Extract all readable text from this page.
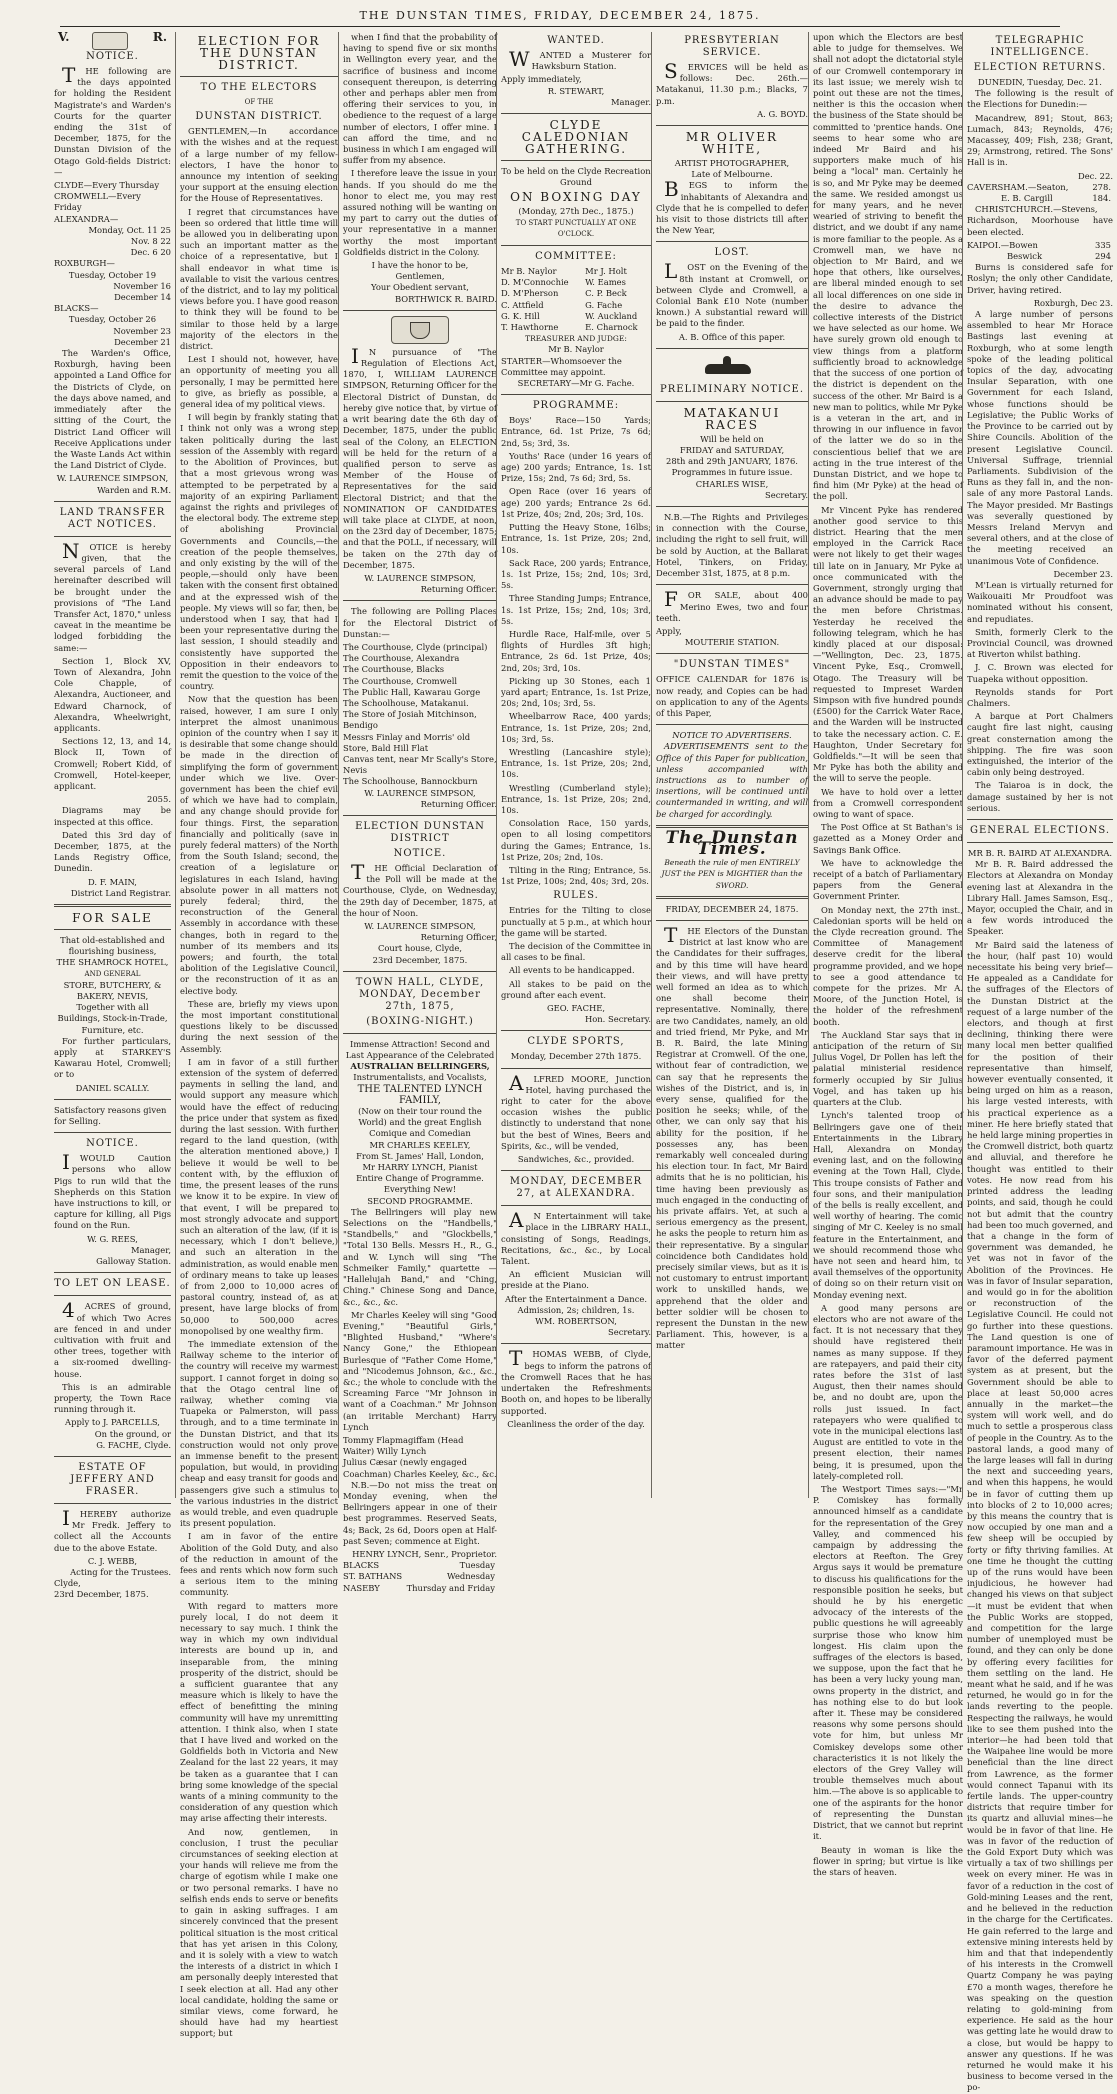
THE DUNSTAN TIMES, FRIDAY, DECEMBER 24, 1875.
V.	R.
NOTICE.

THE following are the days appointed for holding the Resident Magistrate's and Warden's Courts for the quarter ending the 31st of December, 1875, for the Dunstan Division of the Otago Gold-fields District:—

CLYDE—Every Thursday
CROMWELL—Every Friday
ALEXANDRA—
Monday, Oct. 11 25
Nov. 8 22
Dec. 6 20
ROXBURGH—
Tuesday, October 19
November 16
December 14
BLACKS—
Tuesday, October 26
November 23
December 21

The Warden's Office, Roxburgh, having been appointed a Land Office for the Districts of Clyde, on the days above named, and immediately after the sitting of the Court, the District Land Officer will Receive Applications under the Waste Lands Act within the Land District of Clyde.

W. LAURENCE SIMPSON,
Warden and R.M.
LAND TRANSFER ACT NOTICES.

NOTICE is hereby given, that the several parcels of Land hereinafter described will be brought under the provisions of "The Land Transfer Act, 1870," unless caveat in the meantime be lodged forbidding the same:—

Section 1, Block XV, Town of Alexandra, John Cole Chapple, of Alexandra, Auctioneer, and Edward Charnock, of Alexandra, Wheelwright, applicants.

Sections 12, 13, and 14, Block II, Town of Cromwell; Robert Kidd, of Cromwell, Hotel-keeper, applicant.

2055.

Diagrams may be inspected at this office.

Dated this 3rd day of December, 1875, at the Lands Registry Office, Dunedin.

D. F. MAIN,
District Land Registrar.
FOR SALE
That old-established and flourishing business,
THE SHAMROCK HOTEL,
AND GENERAL
STORE, BUTCHERY, & BAKERY, NEVIS,
Together with all Buildings, Stock-in-Trade, Furniture, etc.

For further particulars, apply at STARKEY'S Kawarau Hotel, Cromwell; or to

DANIEL SCALLY.
Satisfactory reasons given for Selling.
NOTICE.

IWOULD Caution persons who allow Pigs to run wild that the Shepherds on this Station have instructions to kill, or capture for killing, all Pigs found on the Run.

W. G. REES,
Manager,
Galloway Station.
TO LET ON LEASE.

4ACRES of ground, of which Two Acres are fenced in and under cultivation with fruit and other trees, together with a six-roomed dwelling-house.

This is an admirable property, the Town Race running through it.

Apply to J. PARCELLS,
On the ground, or
G. FACHE, Clyde.
ESTATE OF JEFFERY AND FRASER.

IHEREBY authorize Mr Fredk. Jeffery to collect all the Accounts due to the above Estate.

C. J. WEBB,
Acting for the Trustees.
Clyde,
23rd December, 1875.
ELECTION FOR THE DUNSTAN DISTRICT.
TO THE ELECTORS
OF THE
DUNSTAN DISTRICT.

GENTLEMEN,—In accordance with the wishes and at the request of a large number of my fellow-electors, I have the honor to announce my intention of seeking your support at the ensuing election for the House of Representatives.

I regret that circumstances have been so ordered that little time will be allowed you in deliberating upon such an important matter as the choice of a representative, but I shall endeavor in what time is available to visit the various centres of the district, and to lay my political views before you. I have good reason to think they will be found to be similar to those held by a large majority of the electors in the district.

Lest I should not, however, have an opportunity of meeting you all personally, I may be permitted here to give, as briefly as possible, a general idea of my political views.

I will begin by frankly stating that I think not only was a wrong step taken politically during the last session of the Assembly with regard to the Abolition of Provinces, but that a most grievous wrong was attempted to be perpetrated by a majority of an expiring Parliament against the rights and privileges of the electoral body. The extreme step of abolishing Provincial Governments and Councils,—the creation of the people themselves, and only existing by the will of the people,—should only have been taken with the consent first obtained and at the expressed wish of the people. My views will so far, then, be understood when I say, that had I been your representative during the last session, I should steadily and consistently have supported the Opposition in their endeavors to remit the question to the voice of the country.

Now that the question has been raised, however, I am sure I only interpret the almost unanimous opinion of the country when I say it is desirable that some change should be made in the direction of simplifying the form of government under which we live. Over-government has been the chief evil of which we have had to complain, and any change should provide for four things. First, the separation financially and politically (save in purely federal matters) of the North from the South Island; second, the creation of a legislature or legislatures in each Island, having absolute power in all matters not purely federal; third, the reconstruction of the General Assembly in accordance with these changes, both in regard to the number of its members and its powers; and fourth, the total abolition of the Legislative Council, or the reconstruction of it as an elective body.

These are, briefly my views upon the most important constitutional questions likely to be discussed during the next session of the Assembly.

I am in favor of a still further extension of the system of deferred payments in selling the land, and would support any measure which would have the effect of reducing the price under that system as fixed during the last session. With further regard to the land question, (with the alteration mentioned above,) I believe it would be well to be content with, by the effluxion of time, the present leases of the runs we know it to be expire. In view of that event, I will be prepared to most strongly advocate and support such an alteration of the law, (if it is necessary, which I don't believe,) and such an alteration in the administration, as would enable men of ordinary means to take up leases of from 2,000 to 10,000 acres of pastoral country, instead of, as at present, have large blocks of from 50,000 to 500,000 acres monopolised by one wealthy firm.

The immediate extension of the Railway scheme to the interior of the country will receive my warmest support. I cannot forget in doing so that the Otago central line of railway, whether coming via Tuapeka or Palmerston, will pass through, and to a time terminate in the Dunstan District, and that its construction would not only prove an immense benefit to the present population, but would, in providing cheap and easy transit for goods and passengers give such a stimulus to the various industries in the district as would treble, and even quadruple its present population.

I am in favor of the entire Abolition of the Gold Duty, and also of the reduction in amount of the fees and rents which now form such a serious item to the mining community.

With regard to matters more purely local, I do not deem it necessary to say much. I think the way in which my own individual interests are bound up in, and inseparable from, the mining prosperity of the district, should be a sufficient guarantee that any measure which is likely to have the effect of benefitting the mining community will have my unremitting attention. I think also, when I state that I have lived and worked on the Goldfields both in Victoria and New Zealand for the last 22 years, it may be taken as a guarantee that I can bring some knowledge of the special wants of a mining community to the consideration of any question which may arise affecting their interests.

And now, gentlemen, in conclusion, I trust the peculiar circumstances of seeking election at your hands will relieve me from the charge of egotism while I make one or two personal remarks. I have no selfish ends ends to serve or benefits to gain in asking suffrages. I am sincerely convinced that the present political situation is the most critical that has yet arisen in this Colony, and it is solely with a view to watch the interests of a district in which I am personally deeply interested that I seek election at all. Had any other local candidate, holding the same or similar views, come forward, he should have had my heartiest support; but

when I find that the probability of having to spend five or six months in Wellington every year, and the sacrifice of business and income consequent thereupon, is deterring other and perhaps abler men from offering their services to you, in obedience to the request of a large number of electors, I offer mine. I can afford the time, and no business in which I am engaged will suffer from my absence.

I therefore leave the issue in your hands. If you should do me the honor to elect me, you may rest assured nothing will be wanting on my part to carry out the duties of your representative in a manner worthy the most important Goldfields district in the Colony.

I have the honor to be,
Gentlemen,
Your Obedient servant,
BORTHWICK R. BAIRD.

IN pursuance of "The Regulation of Elections Act, 1870, I, WILLIAM LAURENCE SIMPSON, Returning Officer for the Electoral District of Dunstan, do hereby give notice that, by virtue of a writ bearing date the 6th day of December, 1875, under the public seal of the Colony, an ELECTION will be held for the return of a qualified person to serve as Member of the House of Representatives for the said Electoral District; and that the NOMINATION OF CANDIDATES will take place at CLYDE, at noon, on the 23rd day of December, 1875; and that the POLL, if necessary, will be taken on the 27th day of December, 1875.

W. LAURENCE SIMPSON,
Returning Officer.

The following are Polling Places for the Electoral District of Dunstan:—

The Courthouse, Clyde (principal)
The Courthouse, Alexandra
The Courthouse, Blacks
The Courthouse, Cromwell
The Public Hall, Kawarau Gorge
The Schoolhouse, Matakanui.
The Store of Josiah Mitchinson, Bendigo
Messrs Finlay and Morris' old Store, Bald Hill Flat
Canvas tent, near Mr Scally's Store, Nevis
The Schoolhouse, Bannockburn
W. LAURENCE SIMPSON,
Returning Officer.
ELECTION DUNSTAN DISTRICT
NOTICE.

THE Official Declaration of the Poll will be made at the Courthouse, Clyde, on Wednesday, the 29th day of December, 1875, at the hour of Noon.

W. LAURENCE SIMPSON,
Returning Officer,
Court house, Clyde,
23rd December, 1875.
TOWN HALL, CLYDE, MONDAY, December 27th, 1875,
(BOXING-NIGHT.)
Immense Attraction! Second and Last Appearance of the Celebrated
AUSTRALIAN BELLRINGERS,
Instrumentalists, and Vocalists,
THE TALENTED LYNCH FAMILY,
(Now on their tour round the World) and the great English Comique and Comedian
MR CHARLES KEELEY,
From St. James' Hall, London,
Mr HARRY LYNCH, Pianist
Entire Change of Programme. Everything New!
SECOND PROGRAMME.

The Bellringers will play new Selections on the "Handbells," "Standbells," and "Glockbells," "Total 130 Bells. Messrs H., R., G., and W. Lynch will sing "The Schmeiker Family," quartette — "Hallelujah Band," and "Ching, Ching." Chinese Song and Dance, &c., &c., &c.

Mr Charles Keeley will sing "Good Evening," "Beautiful Girls," "Blighted Husband," "Where's Nancy Gone," the Ethiopean Burlesque of "Father Come Home," and "Nicodemus Johnson, &c., &c., &c.; the whole to conclude with the Screaming Farce "Mr Johnson in want of a Coachman." Mr Johnson (an irritable Merchant) Harry Lynch

Tommy Flapmagiffam (Head Waiter) Willy Lynch
Julius Cæsar (newly engaged Coachman) Charles Keeley, &c., &c.

N.B.—Do not miss the treat on Monday evening, when the Bellringers appear in one of their best programmes. Reserved Seats, 4s; Back, 2s 6d, Doors open at Half-past Seven; commence at Eight.

HENRY LYNCH, Senr., Proprietor.
BLACKS	Tuesday
ST. BATHANS	Wednesday
NASEBY	Thursday and Friday
WANTED.

WANTED a Musterer for Hawksburn Station.

Apply immediately,
R. STEWART,
Manager.
CLYDE CALEDONIAN GATHERING.
To be held on the Clyde Recreation Ground
ON BOXING DAY
(Monday, 27th Dec., 1875.)
TO START PUNCTUALLY AT ONE O'CLOCK.
COMMITTEE:
Mr B. Naylor	Mr J. Holt
D. M'Connochie	W. Eames
D. M'Pherson	C. P. Beck
C. Attfield	G. Fache
G. K. Hill	W. Auckland
T. Hawthorne	E. Charnock
TREASURER AND JUDGE:
Mr B. Naylor
STARTER—Whomsoever the Committee may appoint.
SECRETARY—Mr G. Fache.
PROGRAMME:

Boys' Race—150 Yards; Entrance, 6d. 1st Prize, 7s 6d; 2nd, 5s; 3rd, 3s.

Youths' Race (under 16 years of age) 200 yards; Entrance, 1s. 1st Prize, 15s; 2nd, 7s 6d; 3rd, 5s.

Open Race (over 16 years of age) 200 yards; Entrance 2s 6d. 1st Prize, 40s; 2nd, 20s; 3rd, 10s.

Putting the Heavy Stone, 16lbs; Entrance, 1s. 1st Prize, 20s; 2nd, 10s.

Sack Race, 200 yards; Entrance, 1s. 1st Prize, 15s; 2nd, 10s; 3rd, 5s.

Three Standing Jumps; Entrance, 1s. 1st Prize, 15s; 2nd, 10s; 3rd, 5s.

Hurdle Race, Half-mile, over 5 flights of Hurdles 3ft high; Entrance, 2s 6d. 1st Prize, 40s; 2nd, 20s; 3rd, 10s.

Picking up 30 Stones, each 1 yard apart; Entrance, 1s. 1st Prize, 20s; 2nd, 10s; 3rd, 5s.

Wheelbarrow Race, 400 yards; Entrance, 1s. 1st Prize, 20s; 2nd, 10s; 3rd, 5s.

Wrestling (Lancashire style); Entrance, 1s. 1st Prize, 20s; 2nd, 10s.

Wrestling (Cumberland style); Entrance, 1s. 1st Prize, 20s; 2nd, 10s.

Consolation Race, 150 yards, open to all losing competitors during the Games; Entrance, 1s. 1st Prize, 20s; 2nd, 10s.

Tilting in the Ring; Entrance, 5s. 1st Prize, 100s; 2nd, 40s; 3rd, 20s.

RULES.

Entries for the Tilting to close punctually at 5 p.m., at which hour the game will be started.

The decision of the Committee in all cases to be final.

All events to be handicapped.

All stakes to be paid on the ground after each event.

GEO. FACHE,
Hon. Secretary.
CLYDE SPORTS,
Monday, December 27th 1875.

ALFRED MOORE, Junction Hotel, having purchased the right to cater for the above occasion wishes the public distinctly to understand that none but the best of Wines, Beers and Spirits, &c., will be vended,

Sandwiches, &c., provided.
MONDAY, DECEMBER 27, at ALEXANDRA.

AN Entertainment will take place in the LIBRARY HALL, consisting of Songs, Readings, Recitations, &c., &c., by Local Talent.

An efficient Musician will preside at the Piano.

After the Entertainment a Dance.
Admission, 2s; children, 1s.
WM. ROBERTSON,
Secretary.

THOMAS WEBB, of Clyde, begs to inform the patrons of the Cromwell Races that he has undertaken the Refreshments Booth on, and hopes to be liberally supported.

Cleanliness the order of the day.
PRESBYTERIAN SERVICE.

SERVICES will be held as follows: Dec. 26th.—Matakanui, 11.30 p.m.; Blacks, 7 p.m.

A. G. BOYD.
MR OLIVER WHITE,
ARTIST PHOTOGRAPHER,
Late of Melbourne.

BEGS to inform the inhabitants of Alexandra and Clyde that he is compelled to defer his visit to those districts till after the New Year,

LOST.

LOST on the Evening of the 8th instant at Cromwell, or between Clyde and Cromwell, a Colonial Bank £10 Note (number known.) A substantial reward will be paid to the finder.

A. B. Office of this paper.
PRELIMINARY NOTICE.
MATAKANUI RACES
Will be held on
FRIDAY and SATURDAY,
28th and 29th JANUARY, 1876.
Programmes in future issue.
CHARLES WISE,
Secretary.

N.B.—The Rights and Privileges in connection with the Course, including the right to sell fruit, will be sold by Auction, at the Ballarat Hotel, Tinkers, on Friday, December 31st, 1875, at 8 p.m.

FOR SALE, about 400 Merino Ewes, two and four teeth.

Apply,
MOUTERIE STATION.
"DUNSTAN TIMES"

OFFICE CALENDAR for 1876 is now ready, and Copies can be had on application to any of the Agents of this Paper,

NOTICE TO ADVERTISERS.

ADVERTISEMENTS sent to the Office of this Paper for publication, unless accompanied with instructions as to number of insertions, will be continued until countermanded in writing, and will be charged for accordingly.

The Dunstan Times.
Beneath the rule of men ENTIRELY JUST the PEN is MIGHTIER than the SWORD.
FRIDAY, DECEMBER 24, 1875.

THE Electors of the Dunstan District at last know who are the Candidates for their suffrages, and by this time will have heard their views, and will have pretty well formed an idea as to which one shall become their representative. Nominally, there are two Candidates, namely, an old and tried friend, Mr Pyke, and Mr B. R. Baird, the late Mining Registrar at Cromwell. Of the one, without fear of contradiction, we can say that he represents the wishes of the District, and is, in every sense, qualified for the position he seeks; while, of the other, we can only say that his ability for the position, if he possesses any, has been remarkably well concealed during his election tour. In fact, Mr Baird admits that he is no politician, his time having been previously as much engaged in the conducting of his private affairs. Yet, at such a serious emergency as the present, he asks the people to return him as their representative. By a singular coincidence both Candidates hold precisely similar views, but as it is not customary to entrust important work to unskilled hands, we apprehend that the older and better soldier will be chosen to represent the Dunstan in the new Parliament. This, however, is a matter

upon which the Electors are best able to judge for themselves. We shall not adopt the dictatorial style of our Cromwell contemporary in its last issue; we merely wish to point out these are not the times, neither is this the occasion when the business of the State should be committed to 'prentice hands. One seems to hear some who are indeed Mr Baird and his supporters make much of his being a "local" man. Certainly he is so, and Mr Pyke may be deemed the same. We resided amongst us for many years, and he never wearied of striving to benefit the district, and we doubt if any name is more familiar to the people. As a Cromwell man, we have no objection to Mr Baird, and we hope that others, like ourselves, are liberal minded enough to set all local differences on one side in the desire to advance the collective interests of the District we have selected as our home. We have surely grown old enough to view things from a platform sufficiently broad to acknowledge that the success of one portion of the district is dependent on the success of the other. Mr Baird is a new man to politics, while Mr Pyke is a veteran in the art, and in throwing in our influence in favor of the latter we do so in the conscientious belief that we are acting in the true interest of the Dunstan District, and we hope to find him (Mr Pyke) at the head of the poll.

Mr Vincent Pyke has rendered another good service to this district. Hearing that the men employed in the Carrick Race were not likely to get their wages till late on in January, Mr Pyke at once communicated with the Government, strongly urging that an advance should be made to pay the men before Christmas. Yesterday he received the following telegram, which he has kindly placed at our disposal:—"Wellington, Dec. 23, 1875. Vincent Pyke, Esq., Cromwell, Otago. The Treasury will be requested to Impreset Warden Simpson with five hundred pounds (£500) for the Carrick Water Race, and the Warden will be instructed to take the necessary action. C. E. Haughton, Under Secretary for Goldfields."—It will be seen that Mr Pyke has both the ability and the will to serve the people.

We have to hold over a letter from a Cromwell correspondent owing to want of space.

The Post Office at St Bathan's is gazetted as a Money Order and Savings Bank Office.

We have to acknowledge the receipt of a batch of Parliamentary papers from the General Government Printer.

On Monday next, the 27th inst., Caledonian sports will be held on the Clyde recreation ground. The Committee of Management deserve credit for the liberal programme provided, and we hope to see a good attendance to compete for the prizes. Mr A. Moore, of the Junction Hotel, is the holder of the refreshment booth.

The Auckland Star says that in anticipation of the return of Sir Julius Vogel, Dr Pollen has left the palatial ministerial residence formerly occupied by Sir Julius Vogel, and has taken up his quarters at the Club.

Lynch's talented troop of Bellringers gave one of their Entertainments in the Library Hall, Alexandra on Monday evening last, and on the following evening at the Town Hall, Clyde. This troupe consists of Father and four sons, and their manipulation of the bells is really excellent, and well worthy of hearing. The comic singing of Mr C. Keeley is no small feature in the Entertainment, and we should recommend those who have not seen and heard him, to avail themselves of the opportunity of doing so on their return visit on Monday evening next.

A good many persons are electors who are not aware of the fact. It is not necessary that they should have registered their names as many suppose. If they are ratepayers, and paid their city rates before the 31st of last August, then their names should be, and no doubt are, upon the rolls just issued. In fact, ratepayers who were qualified to vote in the municipal elections last August are entitled to vote in the present election, their names being, it is presumed, upon the lately-completed roll.

The Westport Times says:—"Mr P. Comiskey has formally announced himself as a candidate for the representation of the Grey Valley, and commenced his campaign by addressing the electors at Reefton. The Grey Argus says it would be premature to discuss his qualifications for the responsible position he seeks, but should he by his energetic advocacy of the interests of the public questions he will agreeably surprise those who know him longest. His claim upon the suffrages of the electors is based, we suppose, upon the fact that he has been a very lucky young man, owns property in the district, and has nothing else to do but look after it. These may be considered reasons why some persons should vote for him, but unless Mr Comiskey develops some other characteristics it is not likely the electors of the Grey Valley will trouble themselves much about him.—The above is so applicable to one of the aspirants for the honor of representing the Dunstan District, that we cannot but reprint it.

Beauty in woman is like the flower in spring; but virtue is like the stars of heaven.

TELEGRAPHIC INTELLIGENCE.
ELECTION RETURNS.
DUNEDIN, Tuesday, Dec. 21.

The following is the result of the Elections for Dunedin:—

Macandrew, 891; Stout, 863; Lumach, 843; Reynolds, 476; Macassey, 409; Fish, 238; Grant, 29; Armstrong, retired. The Sons' Hall is in.

Dec. 22.
CAVERSHAM.—Seaton,	278.
E. B. Cargill	184.

CHRISTCHURCH.—Stevens, Richardson, Moorhouse have been elected.

KAIPOI.—Bowen	335
Beswick	294

Burns is considered safe for Roslyn; the only other Candidate, Driver, having retired.

Roxburgh, Dec 23.

A large number of persons assembled to hear Mr Horace Bastings last evening at Roxburgh, who at some length spoke of the leading political topics of the day, advocating Insular Separation, with one Government for each Island, whose functions should be Legislative; the Public Works of the Province to be carried out by Shire Councils. Abolition of the present Legislative Council. Universal Suffrage, triennial Parliaments. Subdivision of the Runs as they fall in, and the non-sale of any more Pastoral Lands. The Mayor presided. Mr Bastings was severally questioned by Messrs Ireland Mervyn and several others, and at the close of the meeting received an unanimous Vote of Confidence.

December 23.

M'Lean is virtually returned for Waikouaiti Mr Proudfoot was nominated without his consent, and repudiates.

Smith, formerly Clerk to the Provincial Council, was drowned at Riverton whilst bathing.

J. C. Brown was elected for Tuapeka without opposition.

Reynolds stands for Port Chalmers.

A barque at Port Chalmers caught fire last night, causing great consternation among the shipping. The fire was soon extinguished, the interior of the cabin only being destroyed.

The Taiaroa is in dock, the damage sustained by her is not serious.

GENERAL ELECTIONS.
MR B. R. BAIRD AT ALEXANDRA.

Mr B. R. Baird addressed the Electors at Alexandra on Monday evening last at Alexandra in the Library Hall. James Samson, Esq., Mayor, occupied the Chair, and in a few words introduced the Speaker.

Mr Baird said the lateness of the hour, (half past 10) would necessitate his being very brief—He appealed as a Candidate for the suffrages of the Electors of the Dunstan District at the request of a large number of the electors, and though at first declining, thinking there were many local men better qualified for the position of their representative than himself, however eventually consented, it being urged on him as a reason, his large vested interests, with his practical experience as a miner. He here briefly stated that he held large mining properties in the Cromwell district, both quartz and alluvial, and therefore he thought was entitled to their votes. He now read from his printed address the leading points, and said, though he could not but admit that the country had been too much governed, and that a change in the form of government was demanded, he yet was not in favor of the Abolition of the Provinces. He was in favor of Insular separation, and would go in for the abolition or reconstruction of the Legislative Council. He could not go further into these questions. The Land question is one of paramount importance. He was in favor of the deferred payment system as at present, but the Government should be able to place at least 50,000 acres annually in the market—the system will work well, and do much to settle a prosperous class of people in the Country. As to the pastoral lands, a good many of the large leases will fall in during the next and succeeding years, and when this happens, he would be in favor of cutting them up into blocks of 2 to 10,000 acres; by this means the country that is now occupied by one man and a few sheep will be occupied by forty or fifty thriving families. At one time he thought the cutting up of the runs would have been injudicious, he however had changed his views on that subject—it must be evident that when the Public Works are stopped, and competition for the large number of unemployed must be found, and they can only be done by offering every facilities for them settling on the land. He meant what he said, and if he was returned, he would go in for the lands reverting to the people. Respecting the railways, he would like to see them pushed into the interior—he had been told that the Waipahee line would be more beneficial than the line direct from Lawrence, as the former would connect Tapanui with its fertile lands. The upper-country districts that require timber for its quartz and alluvial mines—he would be in favor of that line. He was in favor of the reduction of the Gold Export Duty which was virtually a tax of two shillings per week on every miner. He was in favor of a reduction in the cost of Gold-mining Leases and the rent, and he believed in the reduction in the charge for the Certificates. He gain referred to the large and extensive mining interests held by him and that that independently of his interests in the Cromwell Quartz Company he was paying £70 a month wages, therefore he was speaking on the question relating to gold-mining from experience. He said as the hour was getting late he would draw to a close, but would be happy to answer any questions. If he was returned he would make it his business to become versed in the po-
